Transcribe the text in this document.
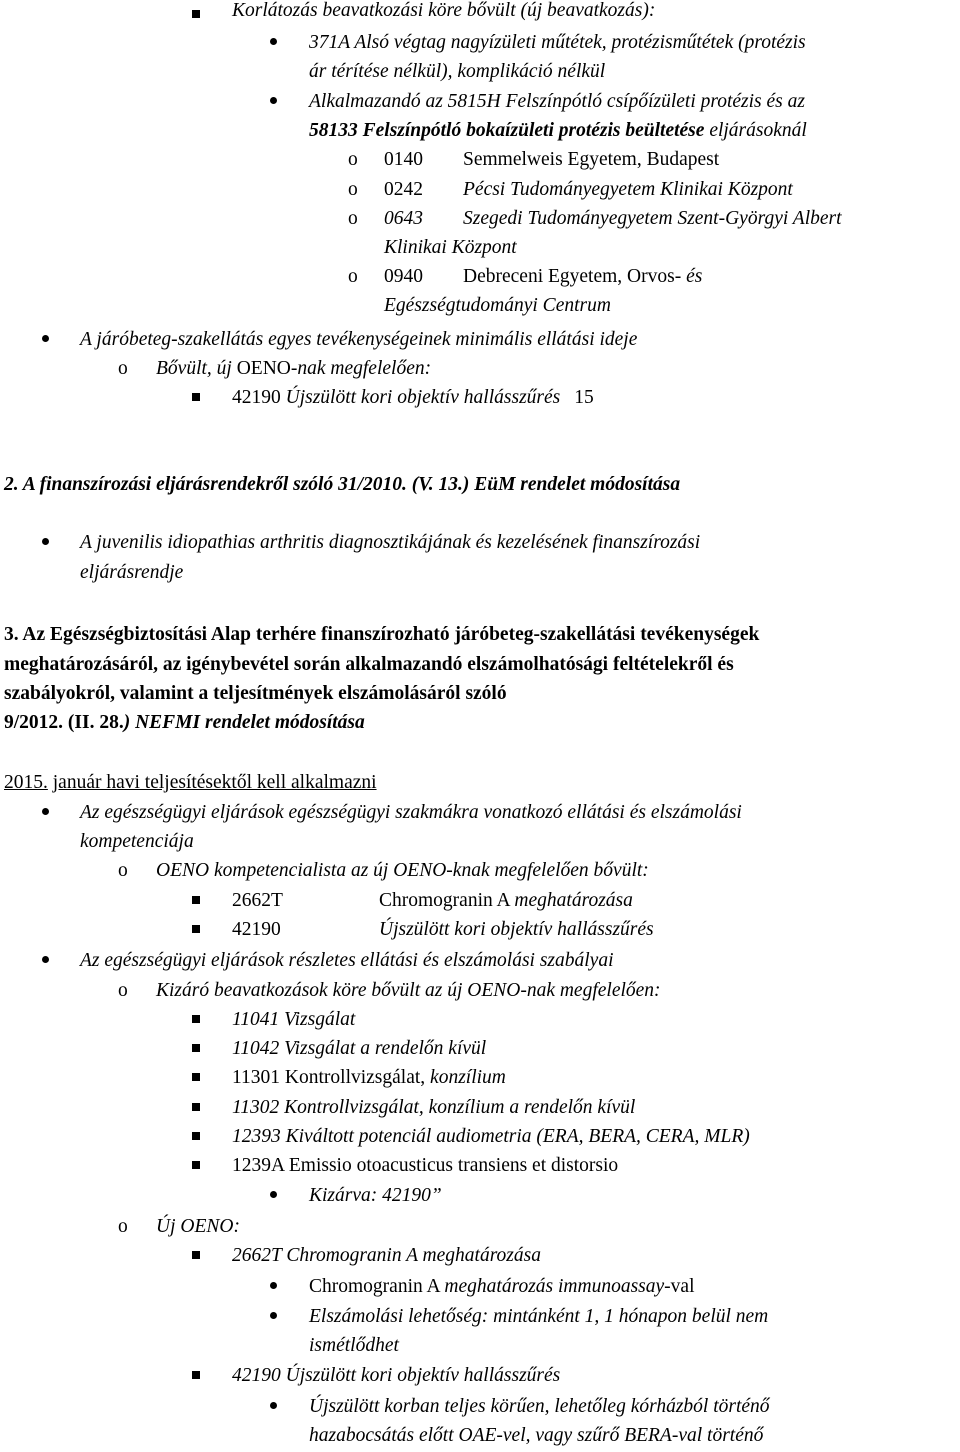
Korlátozás beavatkozási köre bővült (új beavatkozás):
371A Alsó végtag nagyízületi műtétek, protézisműtétek (protézis
ár térítése nélkül), komplikáció nélkül
Alkalmazandó az 5815H Felszínpótló csípőízületi protézis és az
58133 Felszínpótló bokaízületi protézis beültetése eljárásoknál
o 0140 Semmelweis Egyetem, Budapest
o 0242 Pécsi Tudományegyetem Klinikai Központ
o 0643 Szegedi Tudományegyetem Szent-Györgyi Albert
Klinikai Központ
o 0940 Debreceni Egyetem, Orvos- és
Egészségtudományi Centrum
A járóbeteg-szakellátás egyes tevékenységeinek minimális ellátási ideje
o Bővült, új OENO-nak megfelelően:
42190 Újszülött kori objektív hallásszűrés 15
2. A finanszírozási eljárásrendekről szóló 31/2010. (V. 13.) EüM rendelet módosítása
A juvenilis idiopathias arthritis diagnosztikájának és kezelésének finanszírozási
eljárásrendje
3. Az Egészségbiztosítási Alap terhére finanszírozható járóbeteg-szakellátási tevékenységek
meghatározásáról, az igénybevétel során alkalmazandó elszámolhatósági feltételekről és
szabályokról, valamint a teljesítmények elszámolásáról szóló
9/2012. (II. 28.) NEFMI rendelet módosítása
2015. január havi teljesítésektől kell alkalmazni
Az egészségügyi eljárások egészségügyi szakmákra vonatkozó ellátási és elszámolási
kompetenciája
o OENO kompetencialista az új OENO-knak megfelelően bővült:
2662T	Chromogranin A meghatározása
42190	Újszülött kori objektív hallásszűrés
Az egészségügyi eljárások részletes ellátási és elszámolási szabályai
o Kizáró beavatkozások köre bővült az új OENO-nak megfelelően:
11041 Vizsgálat
11042 Vizsgálat a rendelőn kívül
11301 Kontrollvizsgálat, konzílium
11302 Kontrollvizsgálat, konzílium a rendelőn kívül
12393 Kiváltott potenciál audiometria (ERA, BERA, CERA, MLR)
1239A Emissio otoacusticus transiens et distorsio
Kizárva: 42190”
o Új OENO:
2662T Chromogranin A meghatározása
Chromogranin A meghatározás immunoassay-val
Elszámolási lehetőség: mintánként 1, 1 hónapon belül nem
ismétlődhet
42190 Újszülött kori objektív hallásszűrés
Újszülött korban teljes körűen, lehetőleg kórházból történő
hazabocsátás előtt OAE-vel, vagy szűrő BERA-val történő
